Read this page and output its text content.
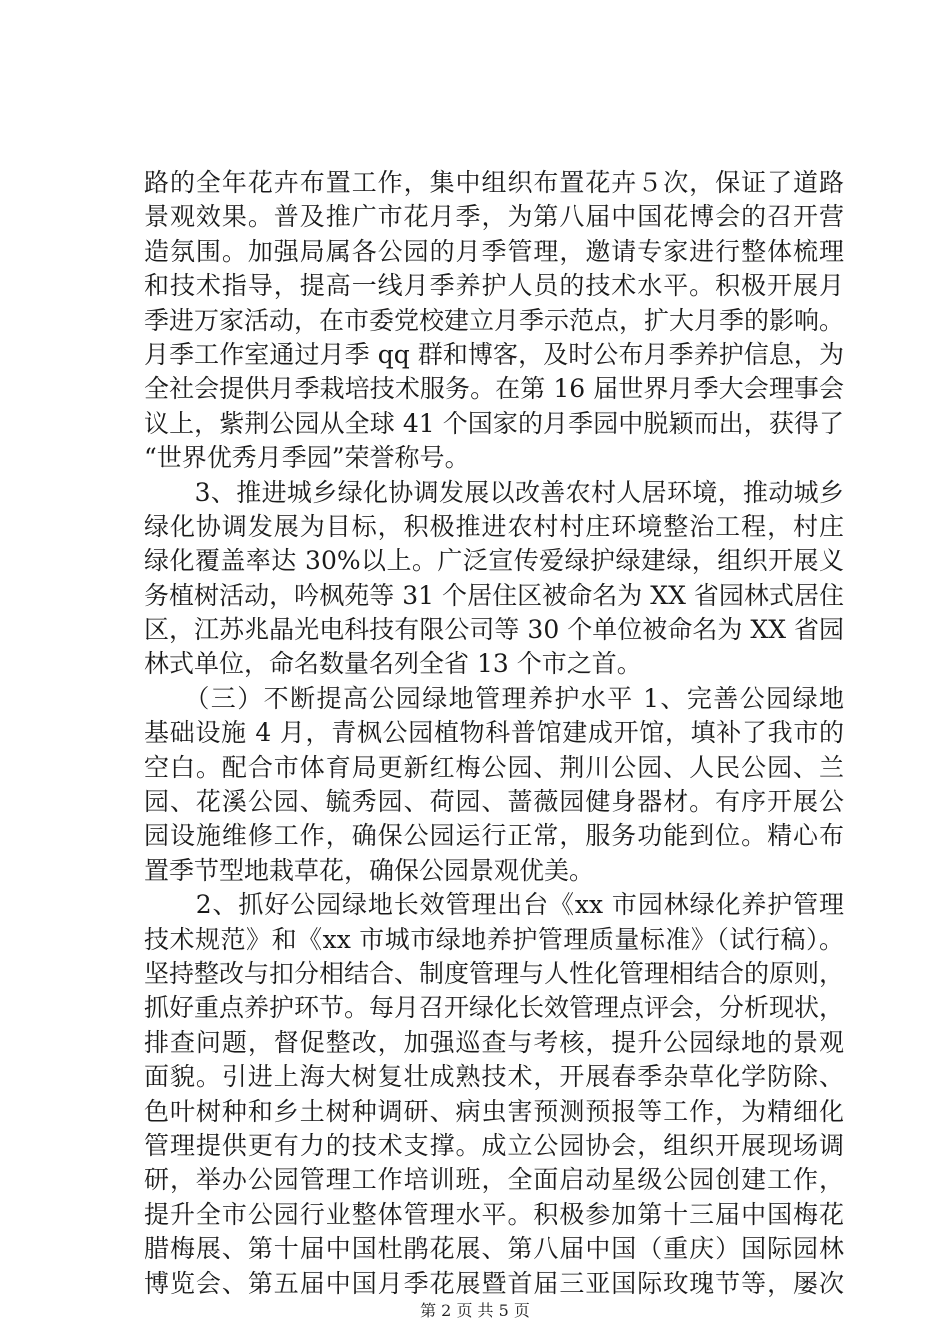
路的全年花卉布置工作，集中组织布置花卉５次，保证了道路
景观效果。普及推广市花月季，为第八届中国花博会的召开营
造氛围。加强局属各公园的月季管理，邀请专家进行整体梳理
和技术指导，提高一线月季养护人员的技术水平。积极开展月
季进万家活动，在市委党校建立月季示范点，扩大月季的影响。
月季工作室通过月季 qq 群和博客，及时公布月季养护信息，为
全社会提供月季栽培技术服务。在第 16 届世界月季大会理事会
议上，紫荆公园从全球 41 个国家的月季园中脱颖而出，获得了
“世界优秀月季园”荣誉称号。
　　3、推进城乡绿化协调发展以改善农村人居环境，推动城乡
绿化协调发展为目标，积极推进农村村庄环境整治工程，村庄
绿化覆盖率达 30%以上。广泛宣传爱绿护绿建绿，组织开展义
务植树活动，吟枫苑等 31 个居住区被命名为 XX 省园林式居住
区，江苏兆晶光电科技有限公司等 30 个单位被命名为 XX 省园
林式单位，命名数量名列全省 13 个市之首。
　　（三）不断提高公园绿地管理养护水平 1、完善公园绿地
基础设施 4 月，青枫公园植物科普馆建成开馆，填补了我市的
空白。配合市体育局更新红梅公园、荆川公园、人民公园、兰
园、花溪公园、毓秀园、荷园、蔷薇园健身器材。有序开展公
园设施维修工作，确保公园运行正常，服务功能到位。精心布
置季节型地栽草花，确保公园景观优美。
　　2、抓好公园绿地长效管理出台《xx 市园林绿化养护管理
技术规范》和《xx 市城市绿地养护管理质量标准》（试行稿）。
坚持整改与扣分相结合、制度管理与人性化管理相结合的原则，
抓好重点养护环节。每月召开绿化长效管理点评会，分析现状，
排查问题，督促整改，加强巡查与考核，提升公园绿地的景观
面貌。引进上海大树复壮成熟技术，开展春季杂草化学防除、
色叶树种和乡土树种调研、病虫害预测预报等工作，为精细化
管理提供更有力的技术支撑。成立公园协会，组织开展现场调
研，举办公园管理工作培训班，全面启动星级公园创建工作，
提升全市公园行业整体管理水平。积极参加第十三届中国梅花
腊梅展、第十届中国杜鹃花展、第八届中国（重庆）国际园林
博览会、第五届中国月季花展暨首届三亚国际玫瑰节等，屡次
第 2 页 共 5 页
